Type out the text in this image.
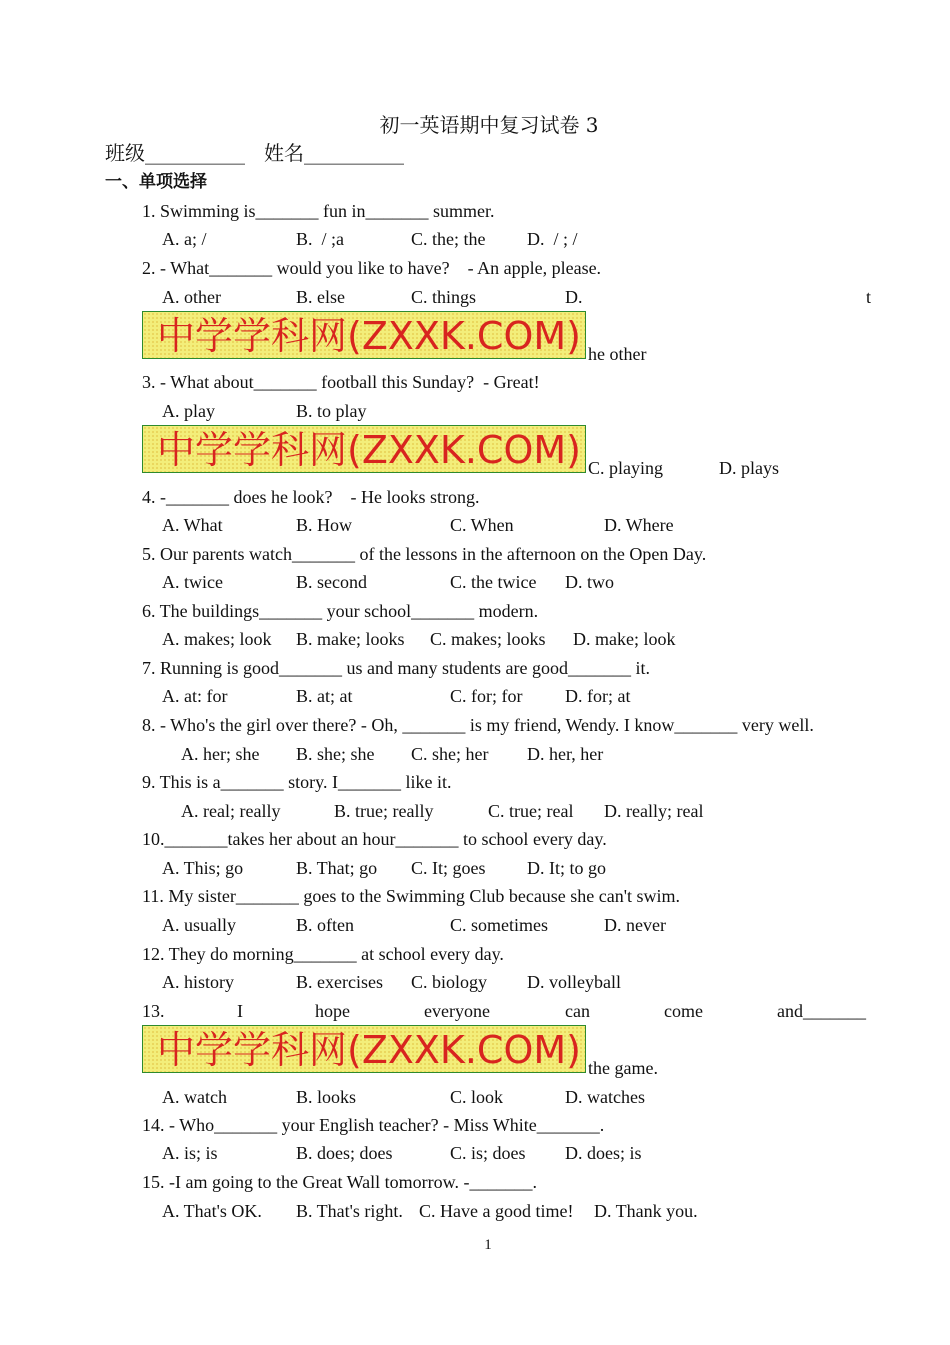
初一英语期中复习试卷 3
班级__________ 姓名__________
一、单项选择
1. Swimming is_______ fun in_______ summer.
A. a; /	B.  / ;a	C. the; the D.  / ; /
2. - What_______ would you like to have?    - An apple, please.
A. other	B. else	C. things	D.	t
中学学科网(ZXXK.COM) he other
3. - What about_______ football this Sunday?  - Great!
A. play	B. to play
中学学科网(ZXXK.COM) C. playing	D. plays
4. -_______ does he look?    - He looks strong.
A. What	B. How	C. When	D. Where
5. Our parents watch_______ of the lessons in the afternoon on the Open Day.
A. twice	B. second	C. the twice D. two
6. The buildings_______ your school_______ modern.
A. makes; look B. make; looks C. makes; looks D. make; look
7. Running is good_______ us and many students are good_______ it.
A. at: for	B. at; at	C. for; for D. for; at
8. - Who's the girl over there? - Oh, _______ is my friend, Wendy. I know_______ very well.
A. her; she B. she; she C. she; her D. her, her
9. This is a_______ story. I_______ like it.
A. real; really	B. true; really	C. true; real D. really; real
10._______takes her about an hour_______ to school every day.
A. This; go	B. That; go C. It; goes D. It; to go
11. My sister_______ goes to the Swimming Club because she can't swim.
A. usually	B. often	C. sometimes	D. never
12. They do morning_______ at school every day.
A. history	B. exercises C. biology D. volleyball
13.	I	hope	everyone	can	come	and_______
中学学科网(ZXXK.COM) the game.
A. watch	B. looks	C. look	D. watches
14. - Who_______ your English teacher? - Miss White_______.
A. is; is	B. does; does	C. is; does D. does; is
15. -I am going to the Great Wall tomorrow. -_______.
A. That's OK. B. That's right. C. Have a good time! D. Thank you.
1
